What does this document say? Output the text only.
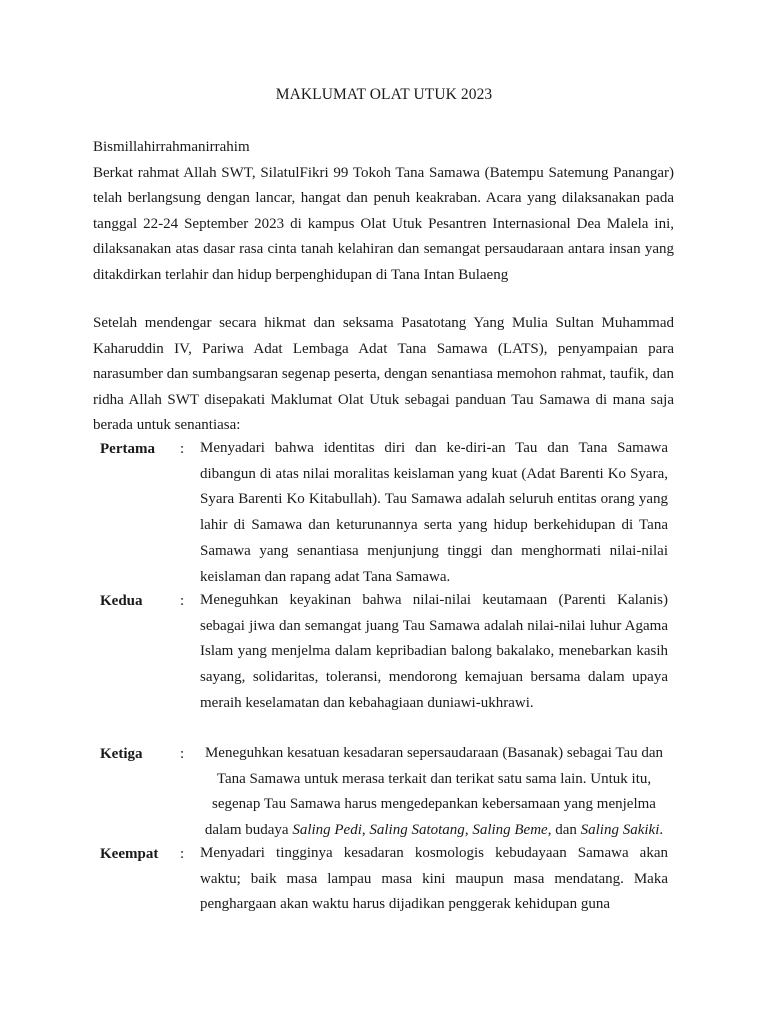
MAKLUMAT OLAT UTUK 2023

Bismillahirrahmanirrahim

Berkat rahmat Allah SWT, SilatulFikri 99 Tokoh Tana Samawa (Batempu Satemung Panangar) telah berlangsung dengan lancar, hangat dan penuh keakraban. Acara yang dilaksanakan pada tanggal 22-24 September 2023 di kampus Olat Utuk Pesantren Internasional Dea Malela ini, dilaksanakan atas dasar rasa cinta tanah kelahiran dan semangat persaudaraan antara insan yang ditakdirkan terlahir dan hidup berpenghidupan di Tana Intan Bulaeng

Setelah mendengar secara hikmat dan seksama Pasatotang Yang Mulia Sultan Muhammad Kaharuddin IV, Pariwa Adat Lembaga Adat Tana Samawa (LATS), penyampaian para narasumber dan sumbangsaran segenap peserta, dengan senantiasa memohon rahmat, taufik, dan ridha Allah SWT disepakati Maklumat Olat Utuk sebagai panduan Tau Samawa di mana saja berada untuk senantiasa:

Pertama	:	Menyadari bahwa identitas diri dan ke-diri-an Tau dan Tana Samawa dibangun di atas nilai moralitas keislaman yang kuat (Adat Barenti Ko Syara, Syara Barenti Ko Kitabullah). Tau Samawa adalah seluruh entitas orang yang lahir di Samawa dan keturunannya serta yang hidup berkehidupan di Tana Samawa yang senantiasa menjunjung tinggi dan menghormati nilai-nilai keislaman dan rapang adat Tana Samawa.

Kedua	:	Meneguhkan keyakinan bahwa nilai-nilai keutamaan (Parenti Kalanis) sebagai jiwa dan semangat juang Tau Samawa adalah nilai-nilai luhur Agama Islam yang menjelma dalam kepribadian balong bakalako, menebarkan kasih sayang, solidaritas, toleransi, mendorong kemajuan bersama dalam upaya meraih keselamatan dan kebahagiaan duniawi-ukhrawi.

Ketiga	:	Meneguhkan kesatuan kesadaran sepersaudaraan (Basanak) sebagai Tau dan
Tana Samawa untuk merasa terkait dan terikat satu sama lain. Untuk itu,
segenap Tau Samawa harus mengedepankan kebersamaan yang menjelma
dalam budaya Saling Pedi, Saling Satotang, Saling Beme, dan Saling Sakiki.
Keempat	:	Menyadari tingginya kesadaran kosmologis kebudayaan Samawa akan waktu; baik masa lampau masa kini maupun masa mendatang. Maka penghargaan akan waktu harus dijadikan penggerak kehidupan guna
